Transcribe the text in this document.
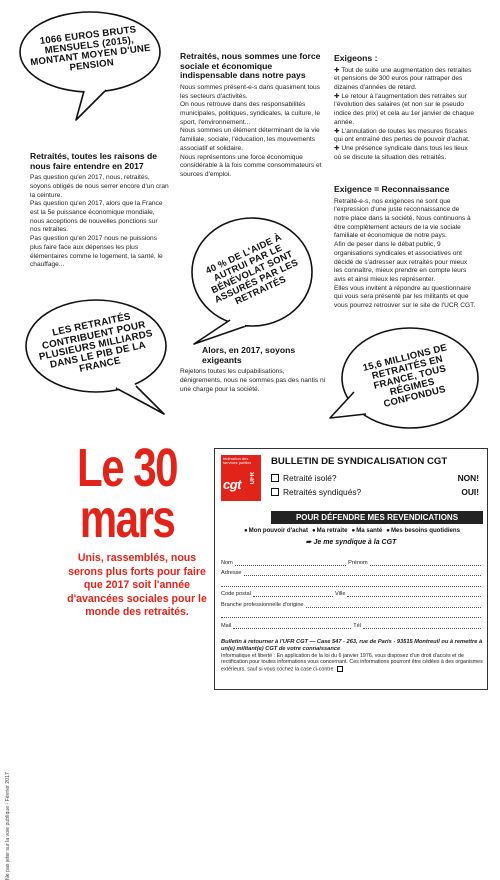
1066 EUROS BRUTS MENSUELS (2015), MONTANT MOYEN D'UNE PENSION
40 % DE L'AIDE À AUTRUI PAR LE BÉNÉVOLAT SONT ASSURÉS PAR LES RETRAITÉS
LES RETRAITÉS CONTRIBUENT POUR PLUSIEURS MILLIARDS DANS LE PIB DE LA FRANCE	15,6 MILLIONS DE RETRAITÉS EN FRANCE, TOUS RÉGIMES CONFONDUS
Retraités, toutes les raisons de nous faire entendre en 2017

Pas question qu'en 2017, nous, retraités, soyons obligés de nous serrer encore d'un cran la ceinture.

Pas question qu'en 2017, alors que la France est la 5e puissance économique mondiale, nous acceptions de nouvelles ponctions sur nos retraites.

Pas question qu'en 2017 nous ne puissions plus faire face aux dépenses les plus élémentaires comme le logement, la santé, le chauffage...

Retraités, nous sommes une force sociale et économique indispensable dans notre pays

Nous sommes présent-e-s dans quasiment tous les secteurs d'activités.

On nous retrouve dans des responsabilités municipales, politiques, syndicales, la culture, le sport, l'environnement...

Nous sommes un élément déterminant de la vie familiale, sociale, l'éducation, les mouvements associatif et solidaire.

Nous représentons une force économique considérable à la fois comme consommateurs et sources d'emploi.

Alors, en 2017, soyons exigeants

Rejetons toutes les culpabilisations, dénigrements, nous ne sommes pas des nantis ni une charge pour la société.

Exigeons :

✚ Tout de suite une augmentation des retraites et pensions de 300 euros pour rattraper des dizaines d'années de retard.

✚ Le retour à l'augmentation des retraites sur l'évolution des salaires (et non sur le pseudo indice des prix) et cela au 1er janvier de chaque année.

✚ L'annulation de toutes les mesures fiscales qui ont entraîné des pertes de pouvoir d'achat.

✚ Une présence syndicale dans tous les lieux où se discute la situation des retraités.

Exigence = Reconnaissance

Retraité-e-s, nos exigences ne sont que l'expression d'une juste reconnaissance de notre place dans la société. Nous continuons à être complètement acteurs de la vie sociale familiale et économique de notre pays.

Afin de peser dans le débat public, 9 organisations syndicales et associatives ont décidé de s'adresser aux retraités pour mieux les connaître, mieux prendre en compte leurs avis et ainsi mieux les représenter.

Elles vous invitent à répondre au questionnaire qui vous sera présenté par les militants et que vous pourrez retrouver sur le site de l'UCR CGT.

Ne pas jeter sur la voie publique - Février 2017
Le 30
mars
Unis, rassemblés, nous serons plus forts pour faire que 2017 soit l'année d'avancées sociales pour le monde des retraités.
fédération des services publics
cgt UFR
BULLETIN DE SYNDICALISATION CGT
Retraité isolé?	NON!
Retraités syndiqués?	OUI!
POUR DÉFENDRE MES REVENDICATIONS
● Mon pouvoir d'achat	● Ma retraite	● Ma santé	● Mes besoins quotidiens
➨ Je me syndique à la CGT
Nom	Prénom
Adresse
Code postal	Ville
Branche professionnelle d'origine
Mail	Tél
Bulletin à retourner à l'UFR CGT — Case 547 - 263, rue de Paris - 93515 Montreuil ou à remettre à un(e) militant(e) CGT de votre connaissance
Informatique et liberté : En application de la loi du 6 janvier 1976, vous disposez d'un droit d'accès et de rectification pour toutes informations vous concernant. Ces informations pourront être cédées à des organismes extérieurs, sauf si vous cochez la case ci-contre
